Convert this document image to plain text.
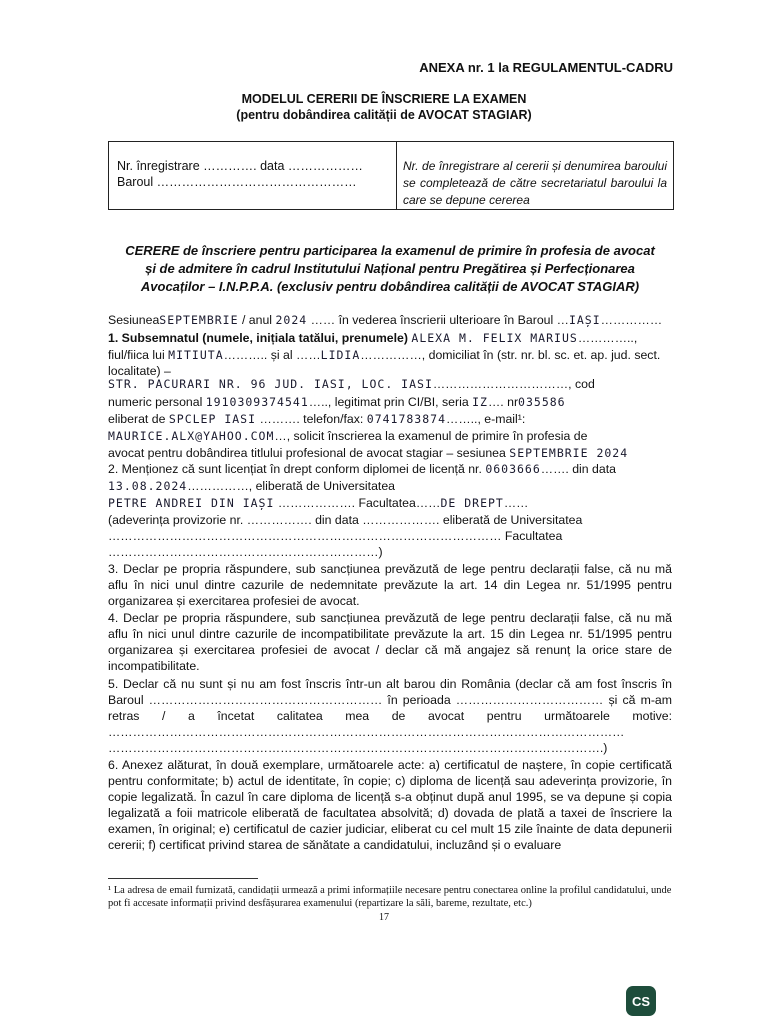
ANEXA nr. 1 la REGULAMENTUL-CADRU
MODELUL CERERII DE ÎNSCRIERE LA EXAMEN
(pentru dobândirea calității de AVOCAT STAGIAR)
Nr. înregistrare …………. data ………………
Baroul …………………………………………
Nr. de înregistrare al cererii și denumirea baroului se completează de către secretariatul baroului la care se depune cererea
CERERE de înscriere pentru participarea la examenul de primire în profesia de avocat
și de admitere în cadrul Institutului Național pentru Pregătirea și Perfecționarea
Avocaților – I.N.P.P.A. (exclusiv pentru dobândirea calității de AVOCAT STAGIAR)
SesiuneaSEPTEMBRIE / anul 2024 …… în vederea înscrierii ulterioare în Baroul …IAȘI……………
1. Subsemnatul (numele, inițiala tatălui, prenumele) ALEXA M. FELIX MARIUS…………..,
fiul/fiica lui MITIUTA……….. și al ……LIDIA……………, domiciliat în (str. nr. bl. sc. et. ap. jud. sect.
localitate) –
STR. PACURARI NR. 96 JUD. IASI, LOC. IASI……………………………, cod
numeric personal 1910309374541….., legitimat prin CI/BI, seria IZ…. nr035586
eliberat de SPCLEP IASI ………. telefon/fax: 0741783874…….., e-mail¹:
MAURICE.ALX@YAHOO.COM…, solicit înscrierea la examenul de primire în profesia de
avocat pentru dobândirea titlului profesional de avocat stagiar – sesiunea SEPTEMBRIE 2024
2. Menționez că sunt licențiat în drept conform diplomei de licență nr. 0603666……. din data
13.08.2024……………, eliberată de Universitatea
PETRE ANDREI DIN IAȘI ………………. Facultatea……DE DREPT……
(adeverința provizorie nr. ……………. din data ………………. eliberată de Universitatea
…………………………………………………………………………………… Facultatea
…………………………………………………………)
3. Declar pe propria răspundere, sub sancțiunea prevăzută de lege pentru declarații false, că nu mă aflu în nici unul dintre cazurile de nedemnitate prevăzute la art. 14 din Legea nr. 51/1995 pentru organizarea și exercitarea profesiei de avocat.
4. Declar pe propria răspundere, sub sancțiunea prevăzută de lege pentru declarații false, că nu mă aflu în nici unul dintre cazurile de incompatibilitate prevăzute la art. 15 din Legea nr. 51/1995 pentru organizarea și exercitarea profesiei de avocat / declar că mă angajez să renunț la orice stare de incompatibilitate.
5. Declar că nu sunt și nu am fost înscris într-un alt barou din România (declar că am fost înscris în Baroul ………………………………………………… în perioada ……………………………… și că m-am retras / a încetat calitatea mea de avocat pentru următoarele motive: ……………………………………………………………………………………………………………… ………………………………………………………………………………………………………….)
6. Anexez alăturat, în două exemplare, următoarele acte: a) certificatul de naștere, în copie certificată pentru conformitate; b) actul de identitate, în copie; c) diploma de licență sau adeverința provizorie, în copie legalizată. În cazul în care diploma de licență s-a obținut după anul 1995, se va depune și copia legalizată a foii matricole eliberată de facultatea absolvită; d) dovada de plată a taxei de înscriere la examen, în original; e) certificatul de cazier judiciar, eliberat cu cel mult 15 zile înainte de data depunerii cererii; f) certificat privind starea de sănătate a candidatului, incluzând și o evaluare
¹ La adresa de email furnizată, candidații urmează a primi informațiile necesare pentru conectarea online la profilul candidatului, unde pot fi accesate informații privind desfășurarea examenului (repartizare la săli, bareme, rezultate, etc.)
17
CS
